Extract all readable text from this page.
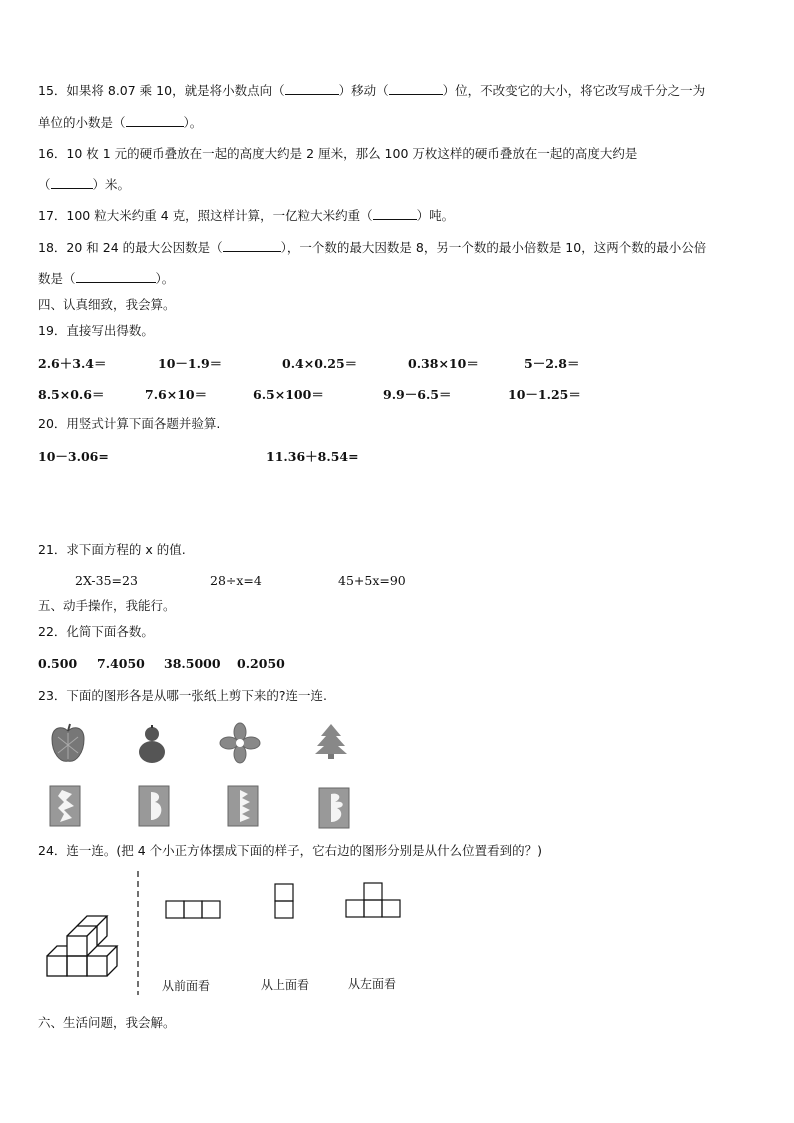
15．如果将 8.07 乘 10，就是将小数点向（	）移动（	）位，不改变它的大小，将它改写成千分之一为
单位的小数是（	）。
16．10 枚 1 元的硬币叠放在一起的高度大约是 2 厘米，那么 100 万枚这样的硬币叠放在一起的高度大约是
（	）米。
17．100 粒大米约重 4 克，照这样计算，一亿粒大米约重（	）吨。
18．20 和 24 的最大公因数是（	），一个数的最大因数是 8，另一个数的最小倍数是 10，这两个数的最小公倍
数是（	）。
四、认真细致，我会算。
19．直接写出得数。
2.6＋3.4＝	10－1.9＝	0.4×0.25＝	0.38×10＝	5－2.8＝
8.5×0.6＝	7.6×10＝	6.5×100＝	9.9－6.5＝	10－1.25＝
20．用竖式计算下面各题并验算.
10－3.06=	11.36＋8.54=
21．求下面方程的 x 的值.
2X-35=23	28÷x=4	45+5x=90
五、动手操作，我能行。
22．化简下面各数。
0.500 7.4050 38.5000 0.2050
23．下面的图形各是从哪一张纸上剪下来的?连一连.
24．连一连。(把 4 个小正方体摆成下面的样子，它右边的图形分别是从什么位置看到的？)
从前面看	从上面看	从左面看
六、生活问题，我会解。
